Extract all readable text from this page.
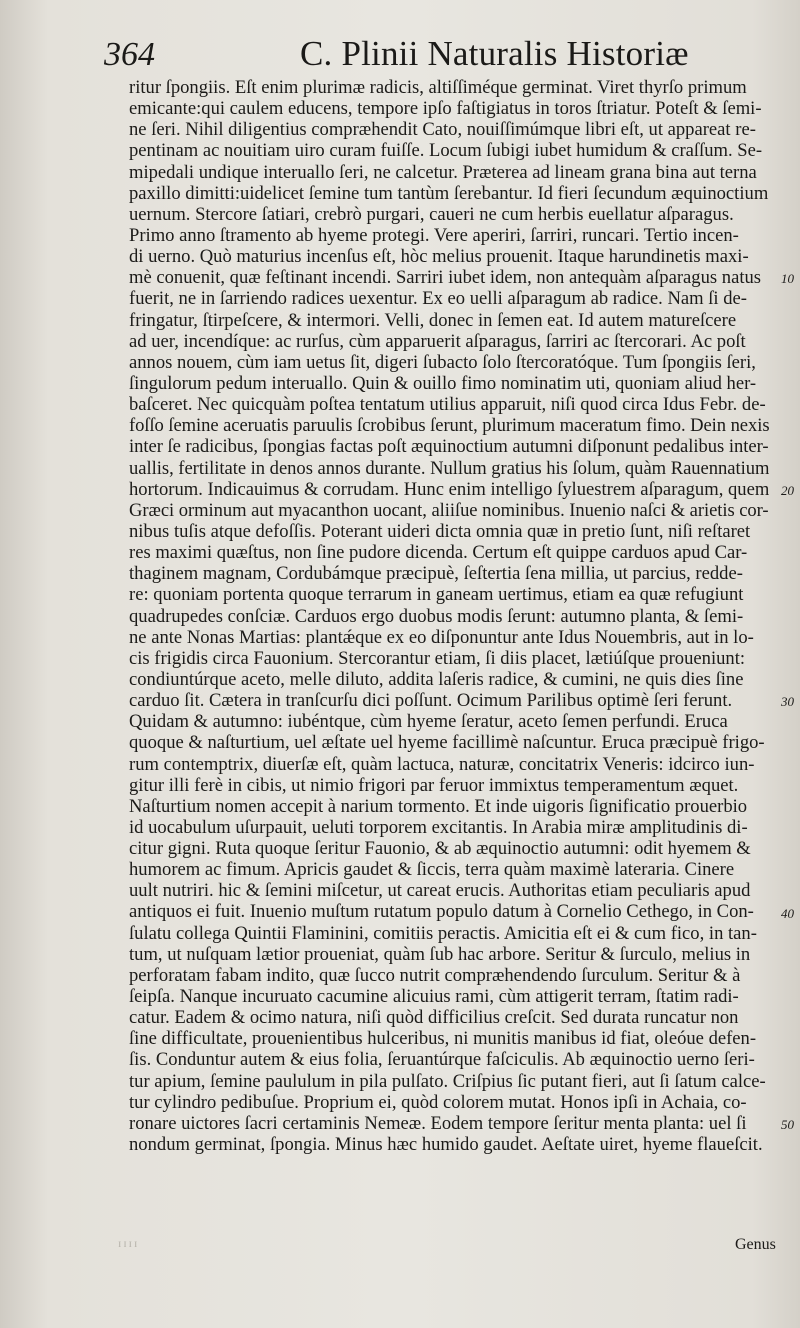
364	C. Plinii Naturalis Historiæ
ritur ſpongiis. Eſt enim plurimæ radicis, altiſſiméque germinat. Viret thyrſo primum
emicante:qui caulem educens, tempore ipſo faſtigiatus in toros ſtriatur. Poteſt & ſemi-
ne ſeri. Nihil diligentius compræhendit Cato, nouiſſimúmque libri eſt, ut appareat re-
pentinam ac nouitiam uiro curam fuiſſe. Locum ſubigi iubet humidum & craſſum. Se-
mipedali undique interuallo ſeri, ne calcetur. Præterea ad lineam grana bina aut terna
paxillo dimitti:uidelicet ſemine tum tantùm ſerebantur. Id fieri ſecundum æquinoctium
uernum. Stercore ſatiari, crebrò purgari, caueri ne cum herbis euellatur aſparagus.
Primo anno ſtramento ab hyeme protegi. Vere aperiri, ſarriri, runcari. Tertio incen-
di uerno. Quò maturius incenſus eſt, hòc melius prouenit. Itaque harundinetis maxi-
mè conuenit, quæ feſtinant incendi. Sarriri iubet idem, non antequàm aſparagus natus
fuerit, ne in ſarriendo radices uexentur. Ex eo uelli aſparagum ab radice. Nam ſi de-
fringatur, ſtirpeſcere, & intermori. Velli, donec in ſemen eat. Id autem matureſcere
ad uer, incendíque: ac rurſus, cùm apparuerit aſparagus, ſarriri ac ſtercorari. Ac poſt
annos nouem, cùm iam uetus ſit, digeri ſubacto ſolo ſtercoratóque. Tum ſpongiis ſeri,
ſingulorum pedum interuallo. Quin & ouillo fimo nominatim uti, quoniam aliud her-
baſceret. Nec quicquàm poſtea tentatum utilius apparuit, niſi quod circa Idus Febr. de-
foſſo ſemine aceruatis paruulis ſcrobibus ſerunt, plurimum maceratum fimo. Dein nexis
inter ſe radicibus, ſpongias factas poſt æquinoctium autumni diſponunt pedalibus inter-
uallis, fertilitate in denos annos durante. Nullum gratius his ſolum, quàm Rauennatium
hortorum. Indicauimus & corrudam. Hunc enim intelligo ſyluestrem aſparagum, quem
Græci orminum aut myacanthon uocant, aliiſue nominibus. Inuenio naſci & arietis cor-
nibus tuſis atque defoſſis. Poterant uideri dicta omnia quæ in pretio ſunt, niſi reſtaret
res maximi quæſtus, non ſine pudore dicenda. Certum eſt quippe carduos apud Car-
thaginem magnam, Cordubámque præcipuè, ſeſtertia ſena millia, ut parcius, redde-
re: quoniam portenta quoque terrarum in ganeam uertimus, etiam ea quæ refugiunt
quadrupedes conſciæ. Carduos ergo duobus modis ſerunt: autumno planta, & ſemi-
ne ante Nonas Martias: plantǽque ex eo diſponuntur ante Idus Nouembris, aut in lo-
cis frigidis circa Fauonium. Stercorantur etiam, ſi diis placet, lætiúſque proueniunt:
condiuntúrque aceto, melle diluto, addita laſeris radice, & cumini, ne quis dies ſine
carduo ſit. Cætera in tranſcurſu dici poſſunt. Ocimum Parilibus optimè ſeri ferunt.
Quidam & autumno: iubéntque, cùm hyeme ſeratur, aceto ſemen perfundi. Eruca
quoque & naſturtium, uel æſtate uel hyeme facillimè naſcuntur. Eruca præcipuè frigo-
rum contemptrix, diuerſæ eſt, quàm lactuca, naturæ, concitatrix Veneris: idcirco iun-
gitur illi ferè in cibis, ut nimio frigori par feruor immixtus temperamentum æquet.
Naſturtium nomen accepit à narium tormento. Et inde uigoris ſignificatio prouerbio
id uocabulum uſurpauit, ueluti torporem excitantis. In Arabia miræ amplitudinis di-
citur gigni. Ruta quoque ſeritur Fauonio, & ab æquinoctio autumni: odit hyemem &
humorem ac fimum. Apricis gaudet & ſiccis, terra quàm maximè lateraria. Cinere
uult nutriri. hic & ſemini miſcetur, ut careat erucis. Authoritas etiam peculiaris apud
antiquos ei fuit. Inuenio muſtum rutatum populo datum à Cornelio Cethego, in Con-
ſulatu collega Quintii Flaminini, comitiis peractis. Amicitia eſt ei & cum fico, in tan-
tum, ut nuſquam lætior proueniat, quàm ſub hac arbore. Seritur & ſurculo, melius in
perforatam fabam indito, quæ ſucco nutrit compræhendendo ſurculum. Seritur & à
ſeipſa. Nanque incuruato cacumine alicuius rami, cùm attigerit terram, ſtatim radi-
catur. Eadem & ocimo natura, niſi quòd difficilius creſcit. Sed durata runcatur non
ſine difficultate, prouenientibus hulceribus, ni munitis manibus id fiat, oleóue defen-
ſis. Conduntur autem & eius folia, ſeruantúrque faſciculis. Ab æquinoctio uerno ſeri-
tur apium, ſemine paululum in pila pulſato. Criſpius ſic putant fieri, aut ſi ſatum calce-
tur cylindro pedibuſue. Proprium ei, quòd colorem mutat. Honos ipſi in Achaia, co-
ronare uictores ſacri certaminis Nemeæ. Eodem tempore ſeritur menta planta: uel ſi
nondum germinat, ſpongia. Minus hæc humido gaudet. Aeſtate uiret, hyeme flaueſcit.
ɪɪɪɪ	Genus
10
20
30
40
50
